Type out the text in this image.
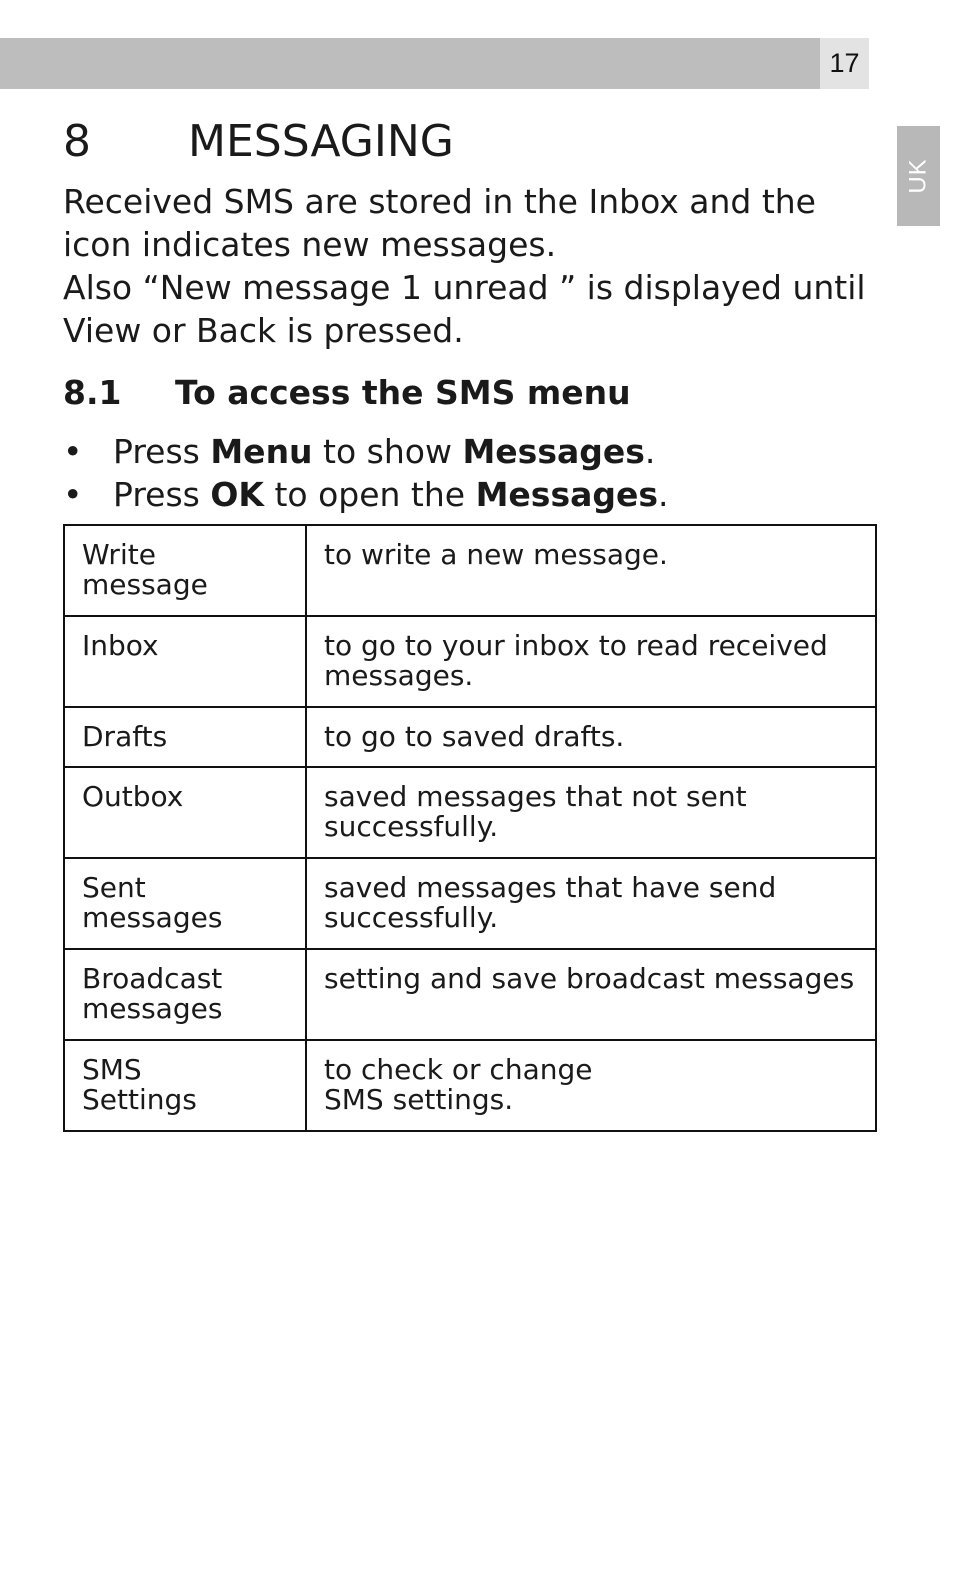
17
UK
8 MESSAGING

Received SMS are stored in the Inbox and the icon indicates new messages.

Also “New message 1 unread ” is displayed until View or Back is pressed.

8.1 To access the SMS menu
• Press Menu to show Messages.
• Press OK to open the Messages.
Write
message	to write a new message.
Inbox	to go to your inbox to read received messages.
Drafts	to go to saved drafts.
Outbox	saved messages that not sent successfully.
Sent
messages	saved messages that have send successfully.
Broadcast
messages	setting and save broadcast messages
SMS
Settings	to check or change
SMS settings.
